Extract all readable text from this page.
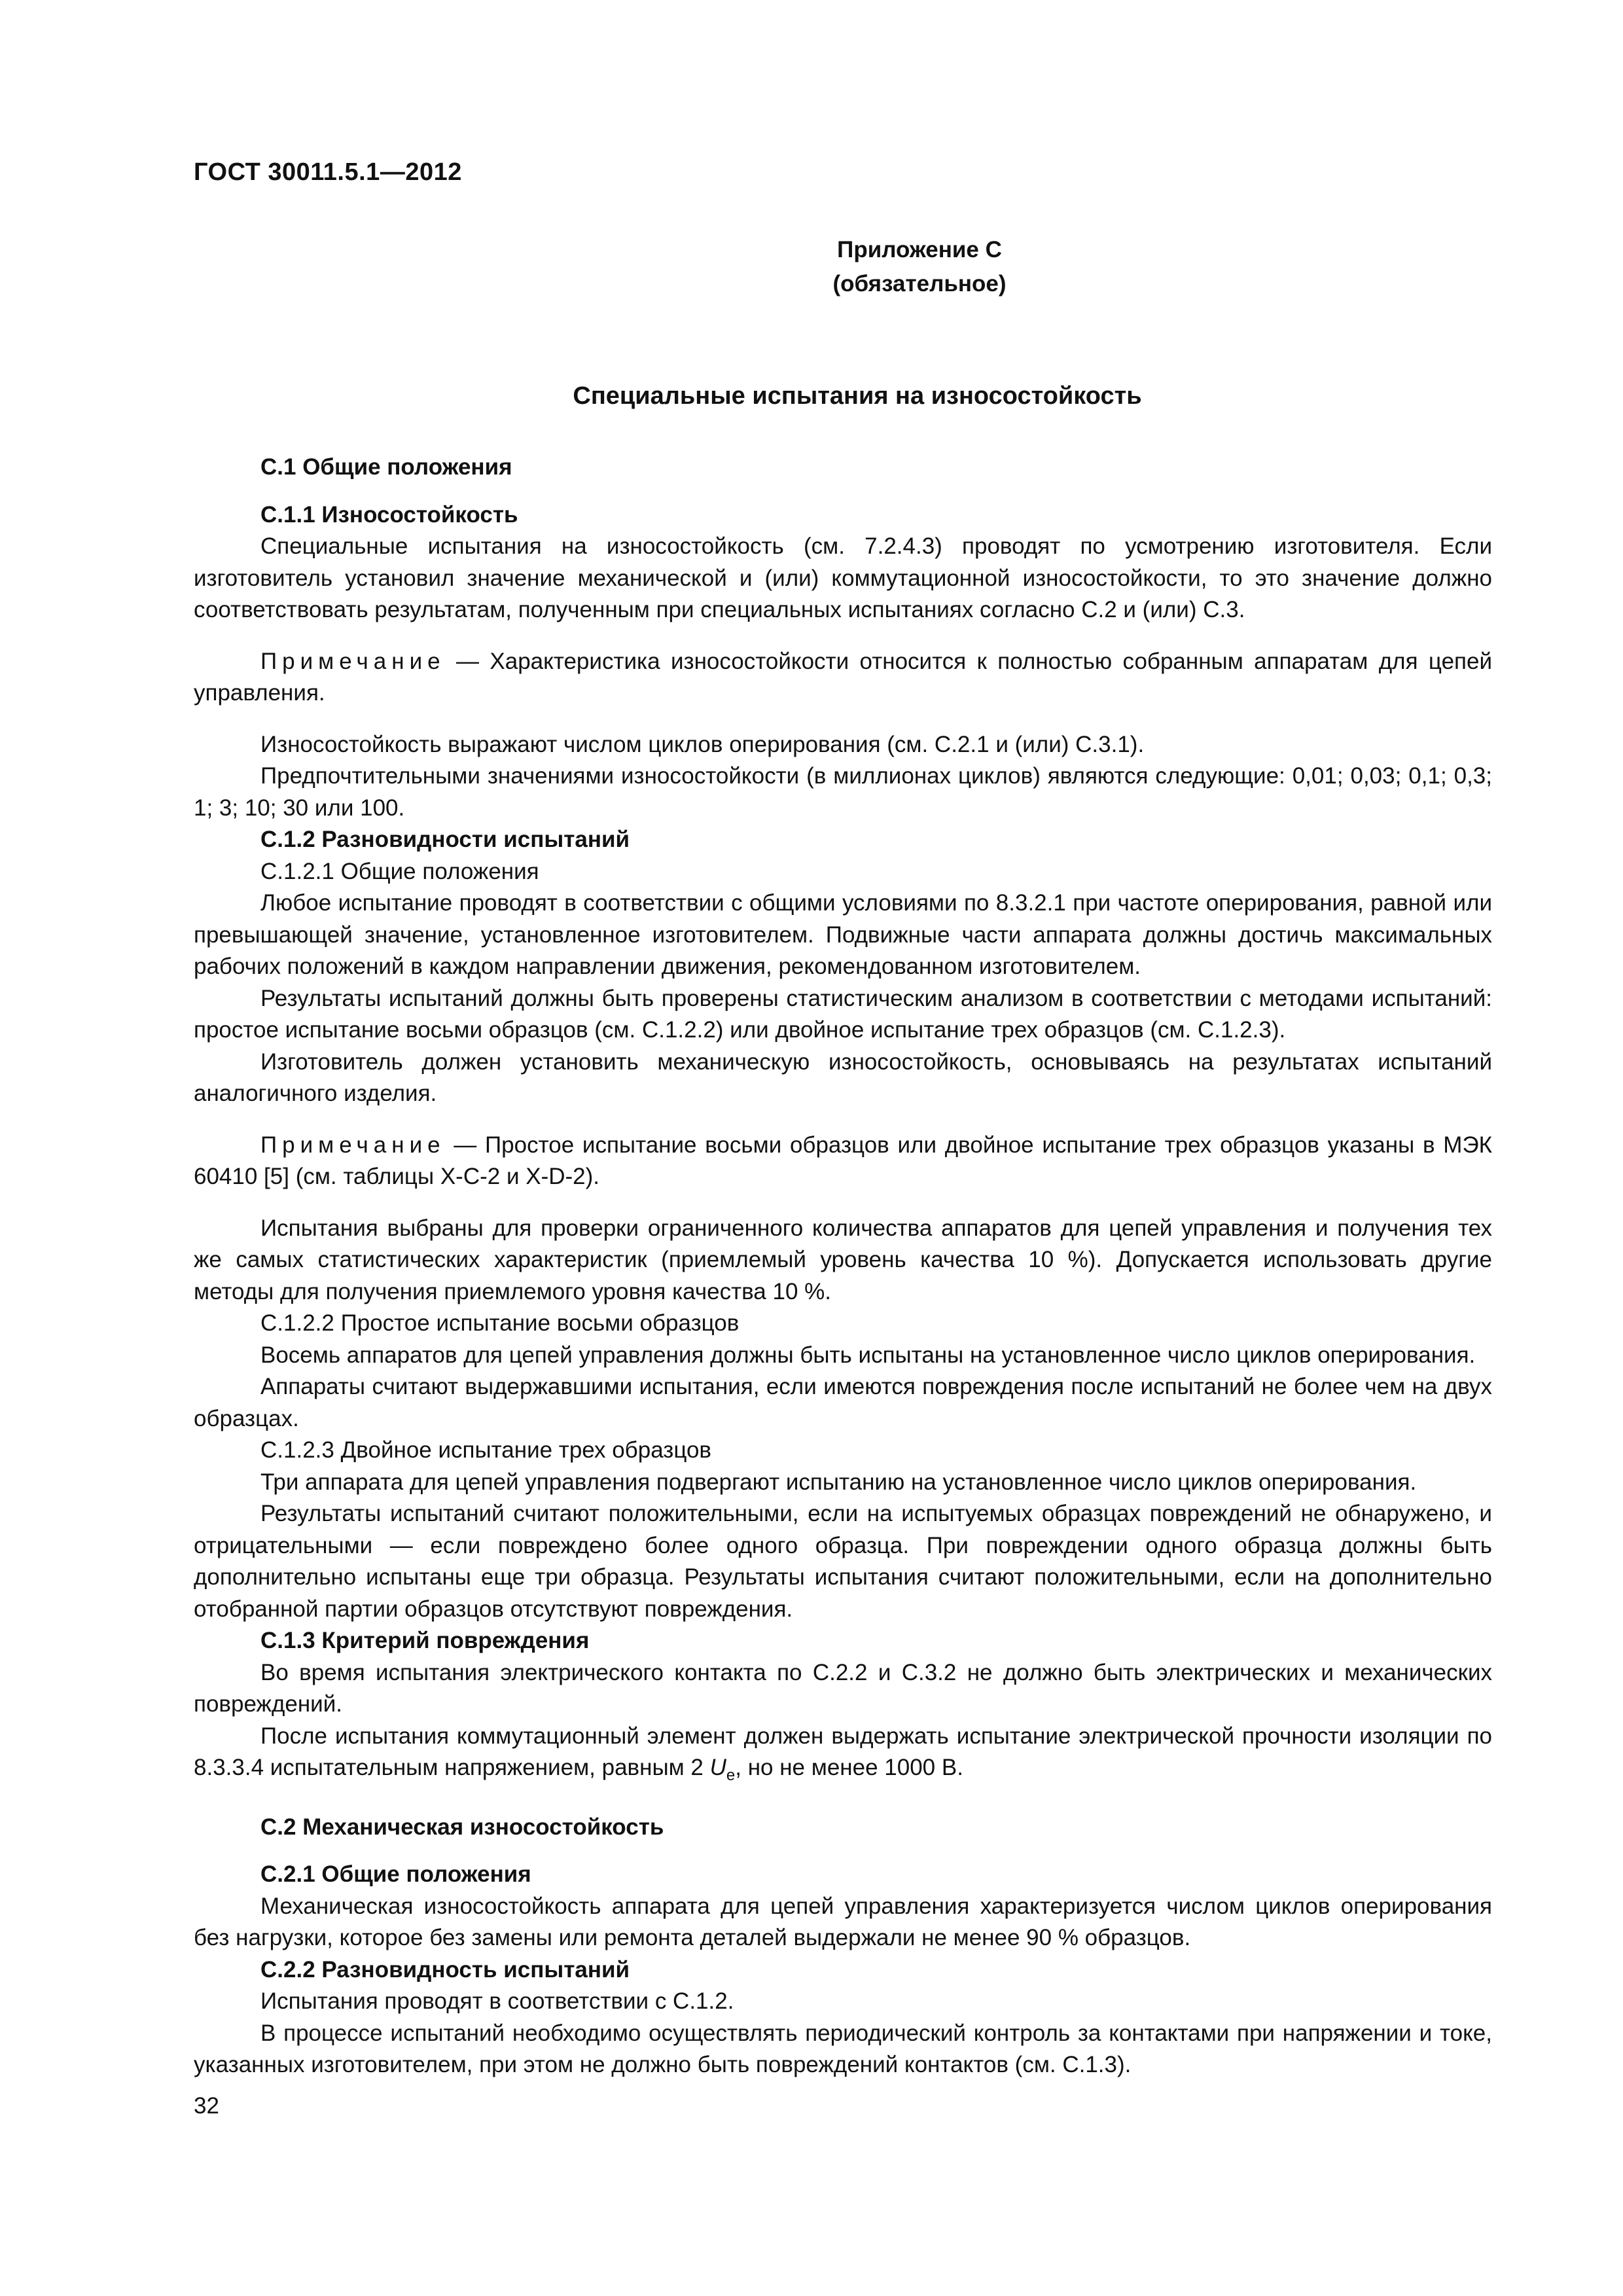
ГОСТ 30011.5.1—2012
Приложение С
(обязательное)
Специальные испытания на износостойкость

С.1 Общие положения

С.1.1 Износостойкость

Специальные испытания на износостойкость (см. 7.2.4.3) проводят по усмотрению изготовителя. Если изготовитель установил значение механической и (или) коммутационной износостойкости, то это значение должно соответствовать результатам, полученным при специальных испытаниях согласно С.2 и (или) С.3.

Примечание — Характеристика износостойкости относится к полностью собранным аппаратам для цепей управления.

Износостойкость выражают числом циклов оперирования (см. С.2.1 и (или) С.3.1).

Предпочтительными значениями износостойкости (в миллионах циклов) являются следующие: 0,01; 0,03; 0,1; 0,3; 1; 3; 10; 30 или 100.

С.1.2 Разновидности испытаний

С.1.2.1 Общие положения

Любое испытание проводят в соответствии с общими условиями по 8.3.2.1 при частоте оперирования, равной или превышающей значение, установленное изготовителем. Подвижные части аппарата должны достичь максимальных рабочих положений в каждом направлении движения, рекомендованном изготовителем.

Результаты испытаний должны быть проверены статистическим анализом в соответствии с методами испытаний: простое испытание восьми образцов (см. С.1.2.2) или двойное испытание трех образцов (см. С.1.2.3).

Изготовитель должен установить механическую износостойкость, основываясь на результатах испытаний аналогичного изделия.

Примечание — Простое испытание восьми образцов или двойное испытание трех образцов указаны в МЭК 60410 [5] (см. таблицы Х-С-2 и X-D-2).

Испытания выбраны для проверки ограниченного количества аппаратов для цепей управления и получения тех же самых статистических характеристик (приемлемый уровень качества 10 %). Допускается использовать другие методы для получения приемлемого уровня качества 10 %.

С.1.2.2 Простое испытание восьми образцов

Восемь аппаратов для цепей управления должны быть испытаны на установленное число циклов оперирования.

Аппараты считают выдержавшими испытания, если имеются повреждения после испытаний не более чем на двух образцах.

С.1.2.3 Двойное испытание трех образцов

Три аппарата для цепей управления подвергают испытанию на установленное число циклов оперирования.

Результаты испытаний считают положительными, если на испытуемых образцах повреждений не обнаружено, и отрицательными — если повреждено более одного образца. При повреждении одного образца должны быть дополнительно испытаны еще три образца. Результаты испытания считают положительными, если на дополнительно отобранной партии образцов отсутствуют повреждения.

С.1.3 Критерий повреждения

Во время испытания электрического контакта по С.2.2 и С.3.2 не должно быть электрических и механических повреждений.

После испытания коммутационный элемент должен выдержать испытание электрической прочности изоляции по 8.3.3.4 испытательным напряжением, равным 2 $U_e$, но не менее 1000 В.

С.2 Механическая износостойкость

С.2.1 Общие положения

Механическая износостойкость аппарата для цепей управления характеризуется числом циклов оперирования без нагрузки, которое без замены или ремонта деталей выдержали не менее 90 % образцов.

С.2.2 Разновидность испытаний

Испытания проводят в соответствии с С.1.2.

В процессе испытаний необходимо осуществлять периодический контроль за контактами при напряжении и токе, указанных изготовителем, при этом не должно быть повреждений контактов (см. С.1.3).

32
